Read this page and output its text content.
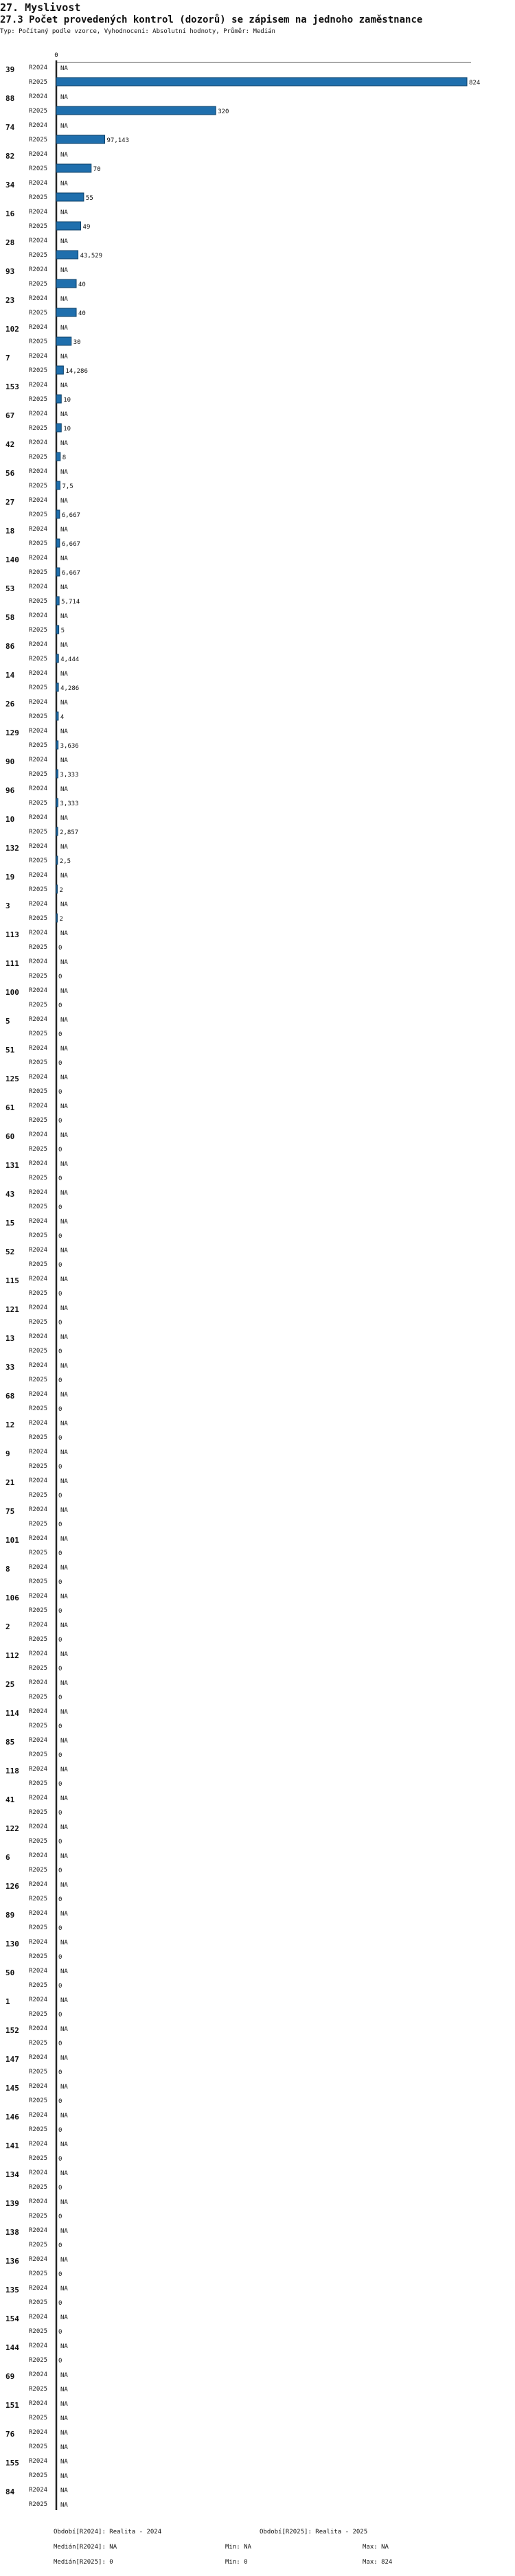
27. Myslivost
27.3 Počet provedených kontrol (dozorů) se zápisem na jednoho zaměstnance
Typ: Počítaný podle vzorce, Vyhodnocení: Absolutní hodnoty, Průměr: Medián
0
39 R2024 NA
R2025	824
88 R2024 NA
R2025	320
74 R2024 NA
R2025	97,143
82 R2024 NA
R2025	70
34 R2024 NA
R2025	55
16 R2024 NA
R2025	49
28 R2024 NA
R2025	43,529
93 R2024 NA
R2025	40
23 R2024 NA
R2025	40
102 R2024 NA
R2025	30
7	R2024 NA
R2025	14,286
153 R2024 NA
R2025	10
67 R2024 NA
R2025	10
42 R2024 NA
R2025 8
56 R2024 NA
R2025 7,5
27 R2024 NA
R2025 6,667
18 R2024 NA
R2025 6,667
140 R2024 NA
R2025 6,667
53 R2024 NA
R2025 5,714
58 R2024 NA
R2025 5
86 R2024 NA
R2025 4,444
14 R2024 NA
R2025 4,286
26 R2024 NA
R2025 4
129 R2024 NA
R2025 3,636
90 R2024 NA
R2025 3,333
96 R2024 NA
R2025 3,333
10 R2024 NA
R2025 2,857
132 R2024 NA
R2025 2,5
19 R2024 NA
R2025 2
3	R2024 NA
R2025 2
113 R2024 NA
R2025 0
111 R2024 NA
R2025 0
100 R2024 NA
R2025 0
5	R2024 NA
R2025 0
51 R2024 NA
R2025 0
125 R2024 NA
R2025 0
61 R2024 NA
R2025 0
60 R2024 NA
R2025 0
131 R2024 NA
R2025 0
43 R2024 NA
R2025 0
15 R2024 NA
R2025 0
52 R2024 NA
R2025 0
115 R2024 NA
R2025 0
121 R2024 NA
R2025 0
13 R2024 NA
R2025 0
33 R2024 NA
R2025 0
68 R2024 NA
R2025 0
12 R2024 NA
R2025 0
9	R2024 NA
R2025 0
21 R2024 NA
R2025 0
75 R2024 NA
R2025 0
101 R2024 NA
R2025 0
8	R2024 NA
R2025 0
106 R2024 NA
R2025 0
2	R2024 NA
R2025 0
112 R2024 NA
R2025 0
25 R2024 NA
R2025 0
114 R2024 NA
R2025 0
85 R2024 NA
R2025 0
118 R2024 NA
R2025 0
41 R2024 NA
R2025 0
122 R2024 NA
R2025 0
6	R2024 NA
R2025 0
126 R2024 NA
R2025 0
89 R2024 NA
R2025 0
130 R2024 NA
R2025 0
50 R2024 NA
R2025 0
1	R2024 NA
R2025 0
152 R2024 NA
R2025 0
147 R2024 NA
R2025 0
145 R2024 NA
R2025 0
146 R2024 NA
R2025 0
141 R2024 NA
R2025 0
134 R2024 NA
R2025 0
139 R2024 NA
R2025 0
138 R2024 NA
R2025 0
136 R2024 NA
R2025 0
135 R2024 NA
R2025 0
154 R2024 NA
R2025 0
144 R2024 NA
R2025 0
69 R2024 NA
R2025 NA
151 R2024 NA
R2025 NA
76 R2024 NA
R2025 NA
155 R2024 NA
R2025 NA
84 R2024 NA
R2025 NA
Období[R2024]: Realita - 2024	Období[R2025]: Realita - 2025
Medián[R2024]: NA	Min: NA	Max: NA
Medián[R2025]: 0	Min: 0	Max: 824
